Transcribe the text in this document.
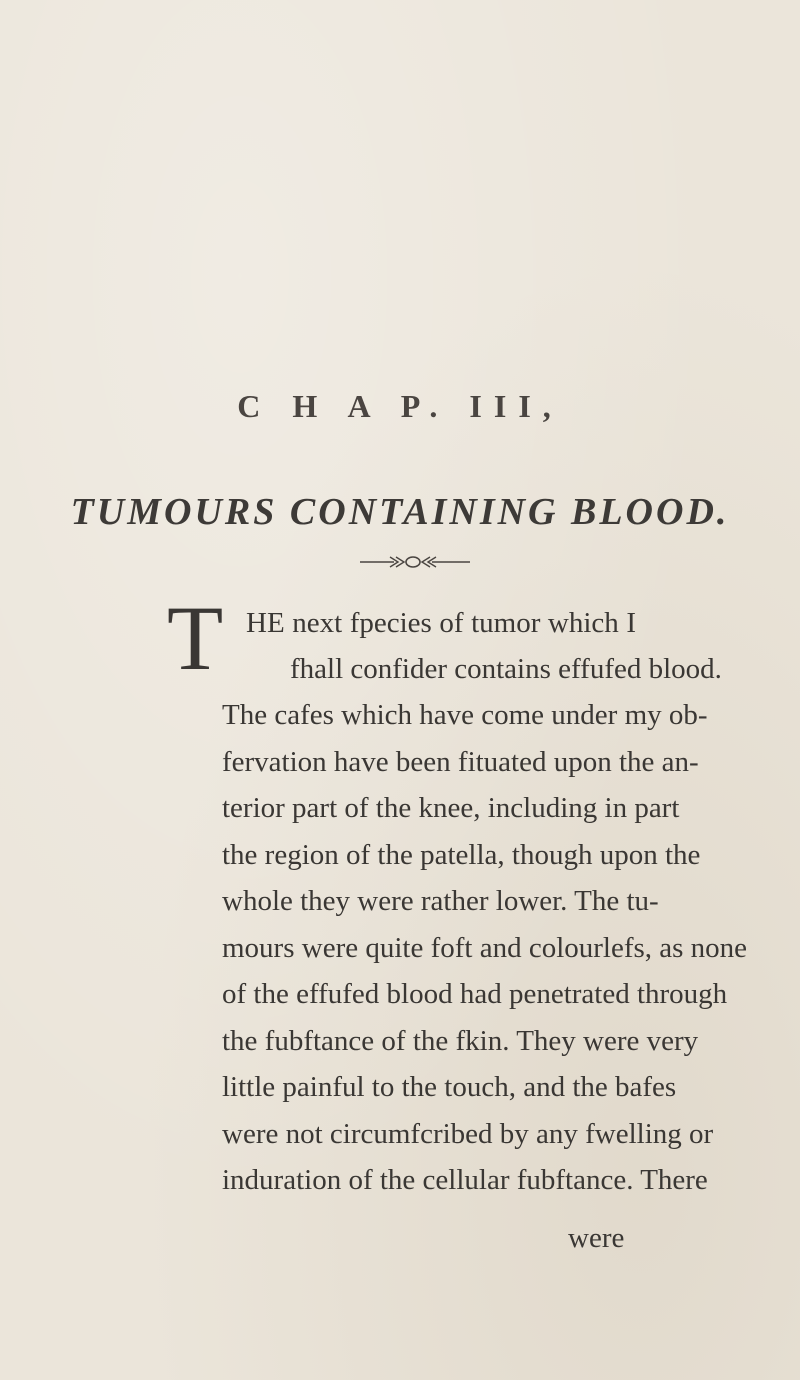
C H A P. III,
TUMOURS CONTAINING BLOOD.
T HE next fpecies of tumor which I
fhall confider contains effufed blood.
The cafes which have come under my ob-
fervation have been fituated upon the an-
terior part of the knee, including in part
the region of the patella, though upon the
whole they were rather lower. The tu-
mours were quite foft and colourlefs, as none
of the effufed blood had penetrated through
the fubftance of the fkin. They were very
little painful to the touch, and the bafes
were not circumfcribed by any fwelling or
induration of the cellular fubftance. There
were
